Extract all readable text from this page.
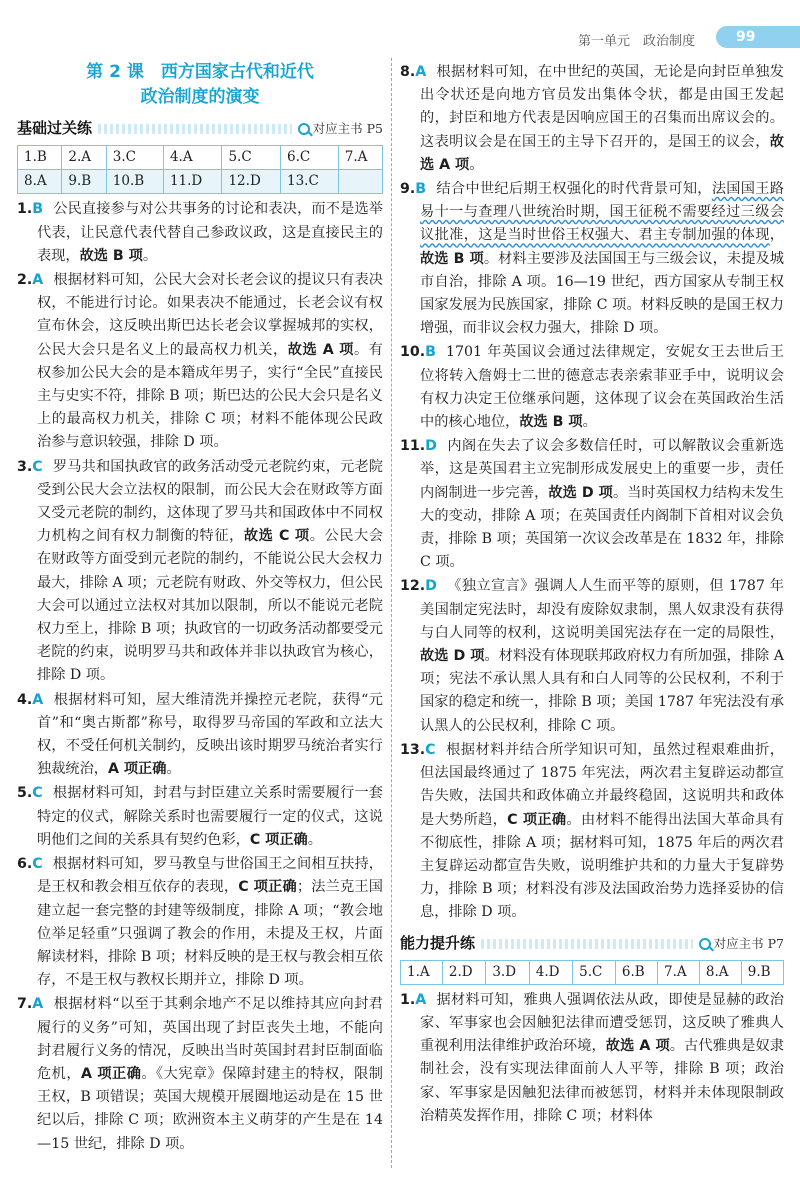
第一单元　政治制度	99
第 2 课　西方国家古代和近代
政治制度的演变
基础过关练	对应主书 P5
1.B	2.A	3.C	4.A	5.C	6.C	7.A
8.A	9.B	10.B	11.D	12.D	13.C	
1.B 公民直接参与对公共事务的讨论和表决，而不是选举代表，让民意代表代替自己参政议政，这是直接民主的表现，故选 B 项。
2.A 根据材料可知，公民大会对长老会议的提议只有表决权，不能进行讨论。如果表决不能通过，长老会议有权宣布休会，这反映出斯巴达长老会议掌握城邦的实权，公民大会只是名义上的最高权力机关，故选 A 项。有权参加公民大会的是本籍成年男子，实行“全民”直接民主与史实不符，排除 B 项；斯巴达的公民大会只是名义上的最高权力机关，排除 C 项；材料不能体现公民政治参与意识较强，排除 D 项。
3.C 罗马共和国执政官的政务活动受元老院约束，元老院受到公民大会立法权的限制，而公民大会在财政等方面又受元老院的制约，这体现了罗马共和国政体中不同权力机构之间有权力制衡的特征，故选 C 项。公民大会在财政等方面受到元老院的制约，不能说公民大会权力最大，排除 A 项；元老院有财政、外交等权力，但公民大会可以通过立法权对其加以限制，所以不能说元老院权力至上，排除 B 项；执政官的一切政务活动都要受元老院的约束，说明罗马共和政体并非以执政官为核心，排除 D 项。
4.A 根据材料可知，屋大维清洗并操控元老院，获得“元首”和“奥古斯都”称号，取得罗马帝国的军政和立法大权，不受任何机关制约，反映出该时期罗马统治者实行独裁统治，A 项正确。
5.C 根据材料可知，封君与封臣建立关系时需要履行一套特定的仪式，解除关系时也需要履行一定的仪式，这说明他们之间的关系具有契约色彩，C 项正确。
6.C 根据材料可知，罗马教皇与世俗国王之间相互扶持，是王权和教会相互依存的表现，C 项正确；法兰克王国建立起一套完整的封建等级制度，排除 A 项；“教会地位举足轻重”只强调了教会的作用，未提及王权，片面解读材料，排除 B 项；材料反映的是王权与教会相互依存，不是王权与教权长期并立，排除 D 项。
7.A 根据材料“以至于其剩余地产不足以维持其应向封君履行的义务”可知，英国出现了封臣丧失土地，不能向封君履行义务的情况，反映出当时英国封君封臣制面临危机，A 项正确。《大宪章》保障封建主的特权，限制王权，B 项错误；英国大规模开展圈地运动是在 15 世纪以后，排除 C 项；欧洲资本主义萌芽的产生是在 14—15 世纪，排除 D 项。
8.A 根据材料可知，在中世纪的英国，无论是向封臣单独发出令状还是向地方官员发出集体令状，都是由国王发起的，封臣和地方代表是因响应国王的召集而出席议会的。这表明议会是在国王的主导下召开的，是国王的议会，故选 A 项。
9.B 结合中世纪后期王权强化的时代背景可知，法国国王路易十一与查理八世统治时期，国王征税不需要经过三级会议批准，这是当时世俗王权强大、君主专制加强的体现，故选 B 项。材料主要涉及法国国王与三级会议，未提及城市自治，排除 A 项。16—19 世纪，西方国家从专制王权国家发展为民族国家，排除 C 项。材料反映的是国王权力增强，而非议会权力强大，排除 D 项。
10.B 1701 年英国议会通过法律规定，安妮女王去世后王位将转入詹姆士二世的德意志表亲索菲亚手中，说明议会有权力决定王位继承问题，这体现了议会在英国政治生活中的核心地位，故选 B 项。
11.D 内阁在失去了议会多数信任时，可以解散议会重新选举，这是英国君主立宪制形成发展史上的重要一步，责任内阁制进一步完善，故选 D 项。当时英国权力结构未发生大的变动，排除 A 项；在英国责任内阁制下首相对议会负责，排除 B 项；英国第一次议会改革是在 1832 年，排除 C 项。
12.D 《独立宣言》强调人人生而平等的原则，但 1787 年美国制定宪法时，却没有废除奴隶制，黑人奴隶没有获得与白人同等的权利，这说明美国宪法存在一定的局限性，故选 D 项。材料没有体现联邦政府权力有所加强，排除 A 项；宪法不承认黑人具有和白人同等的公民权利，不利于国家的稳定和统一，排除 B 项；美国 1787 年宪法没有承认黑人的公民权利，排除 C 项。
13.C 根据材料并结合所学知识可知，虽然过程艰难曲折，但法国最终通过了 1875 年宪法，两次君主复辟运动都宣告失败，法国共和政体确立并最终稳固，这说明共和政体是大势所趋，C 项正确。由材料不能得出法国大革命具有不彻底性，排除 A 项；据材料可知，1875 年后的两次君主复辟运动都宣告失败，说明维护共和的力量大于复辟势力，排除 B 项；材料没有涉及法国政治势力选择妥协的信息，排除 D 项。
能力提升练	对应主书 P7
1.A	2.D	3.D	4.D	5.C	6.B	7.A	8.A	9.B
1.A 据材料可知，雅典人强调依法从政，即使是显赫的政治家、军事家也会因触犯法律而遭受惩罚，这反映了雅典人重视利用法律维护政治环境，故选 A 项。古代雅典是奴隶制社会，没有实现法律面前人人平等，排除 B 项；政治家、军事家是因触犯法律而被惩罚，材料并未体现限制政治精英发挥作用，排除 C 项；材料体
